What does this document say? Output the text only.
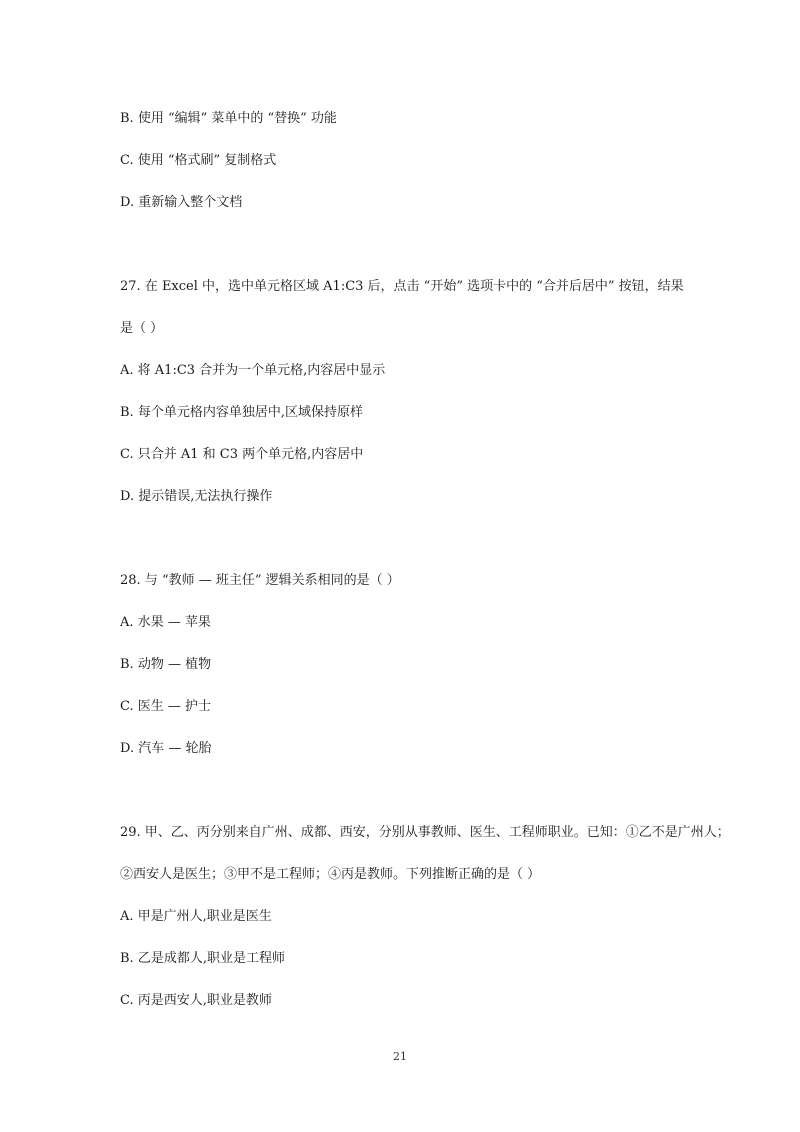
B. 使用 “编辑” 菜单中的 “替换” 功能
C. 使用 “格式刷” 复制格式
D. 重新输入整个文档
27. 在 Excel 中，选中单元格区域 A1:C3 后，点击 “开始” 选项卡中的 “合并后居中” 按钮，结果
是（ ）
A. 将 A1:C3 合并为一个单元格,内容居中显示
B. 每个单元格内容单独居中,区域保持原样
C. 只合并 A1 和 C3 两个单元格,内容居中
D. 提示错误,无法执行操作
28. 与 “教师 — 班主任” 逻辑关系相同的是（ ）
A. 水果 — 苹果
B. 动物 — 植物
C. 医生 — 护士
D. 汽车 — 轮胎
29. 甲、乙、丙分别来自广州、成都、西安，分别从事教师、医生、工程师职业。已知：①乙不是广州人；
②西安人是医生；③甲不是工程师；④丙是教师。下列推断正确的是（ ）
A. 甲是广州人,职业是医生
B. 乙是成都人,职业是工程师
C. 丙是西安人,职业是教师
21
